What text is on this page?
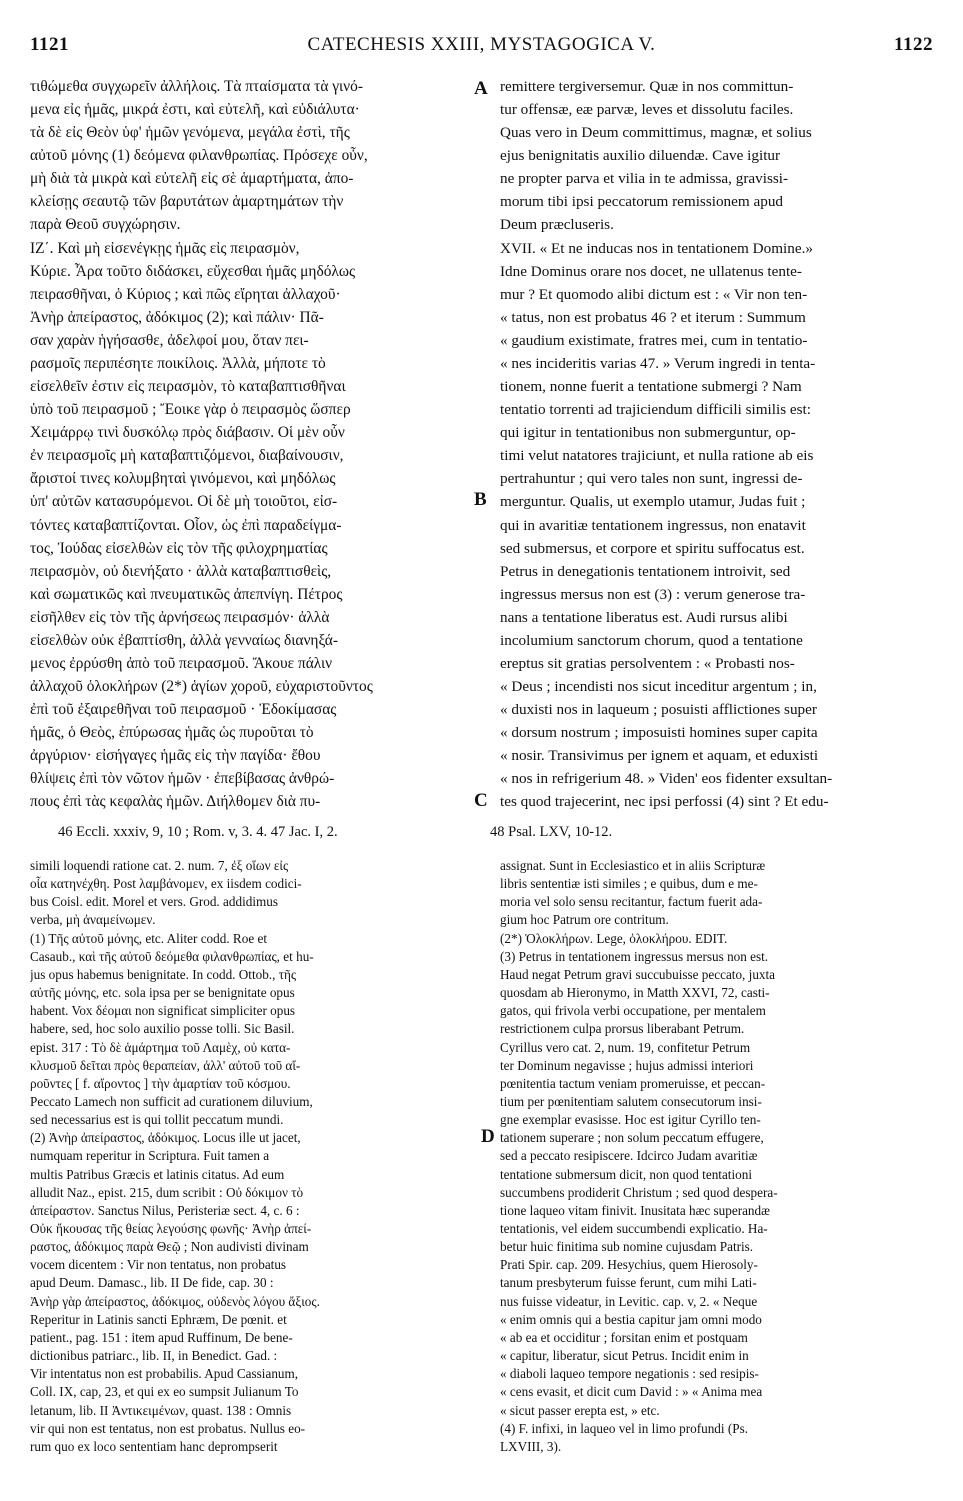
1121	CATECHESIS XXIII, MYSTAGOGICA V.	1122
τιθώμεθα συγχωρεῖν ἀλλήλοις. Τὰ πταίσματα τὰ γινό-
μενα εἰς ἡμᾶς, μικρά ἐστι, καὶ εὐτελῆ, καὶ εὐδιάλυτα·
τὰ δὲ εἰς Θεὸν ὑφ' ἡμῶν γενόμενα, μεγάλα ἐστὶ, τῆς
αὐτοῦ μόνης (1) δεόμενα φιλανθρωπίας. Πρόσεχε οὖν,
μὴ διὰ τὰ μικρὰ καὶ εὐτελῆ εἰς σὲ ἁμαρτήματα, ἀπο-
κλείσῃς σεαυτῷ τῶν βαρυτάτων ἁμαρτημάτων τὴν
παρὰ Θεοῦ συγχώρησιν.
ΙΖ΄. Καὶ μὴ εἰσενέγκῃς ἡμᾶς εἰς πειρασμὸν,
Κύριε. Ἆρα τοῦτο διδάσκει, εὔχεσθαι ἡμᾶς μηδόλως
πειρασθῆναι, ὁ Κύριος ; καὶ πῶς εἴρηται ἀλλαχοῦ·
Ἀνὴρ ἀπείραστος, ἀδόκιμος (2); καὶ πάλιν· Πᾶ-
σαν χαρὰν ἡγήσασθε, ἀδελφοί μου, ὅταν πει-
ρασμοῖς περιπέσητε ποικίλοις. Ἀλλὰ, μήποτε τὸ
εἰσελθεῖν ἐστιν εἰς πειρασμὸν, τὸ καταβαπτισθῆναι
ὑπὸ τοῦ πειρασμοῦ ; Ἔοικε γὰρ ὁ πειρασμὸς ὥσπερ
Χειμάρρῳ τινὶ δυσκόλῳ πρὸς διάβασιν. Οἱ μὲν οὖν
ἐν πειρασμοῖς μὴ καταβαπτιζόμενοι, διαβαίνουσιν,
ἄριστοί τινες κολυμβηταὶ γινόμενοι, καὶ μηδόλως
ὑπ' αὐτῶν κατασυρόμενοι. Οἱ δὲ μὴ τοιοῦτοι, εἰσ-
τόντες καταβαπτίζονται. Οἷον, ὡς ἐπὶ παραδείγμα-
τος, Ἰούδας εἰσελθὼν εἰς τὸν τῆς φιλοχρηματίας
πειρασμὸν, οὐ διενήξατο · ἀλλὰ καταβαπτισθεὶς,
καὶ σωματικῶς καὶ πνευματικῶς ἀπεπνίγη. Πέτρος
εἰσῆλθεν εἰς τὸν τῆς ἀρνήσεως πειρασμόν· ἀλλὰ
εἰσελθὼν οὐκ ἐβαπτίσθη, ἀλλὰ γενναίως διανηξά-
μενος ἐρρύσθη ἀπὸ τοῦ πειρασμοῦ. Ἄκουε πάλιν
ἀλλαχοῦ ὁλοκλήρων (2*) ἁγίων χοροῦ, εὐχαριστοῦντος
ἐπὶ τοῦ ἐξαιρεθῆναι τοῦ πειρασμοῦ · Ἐδοκίμασας
ἡμᾶς, ὁ Θεὸς, ἐπύρωσας ἡμᾶς ὡς πυροῦται τὸ
ἀργύριον· εἰσήγαγες ἡμᾶς εἰς τὴν παγίδα· ἔθου
θλίψεις ἐπὶ τὸν νῶτον ἡμῶν · ἐπεβίβασας ἀνθρώ-
πους ἐπὶ τὰς κεφαλὰς ἡμῶν. Διήλθομεν διὰ πυ-
remittere tergiversemur. Quæ in nos committun-
tur offensæ, eæ parvæ, leves et dissolutu faciles.
Quas vero in Deum committimus, magnæ, et solius
ejus benignitatis auxilio diluendæ. Cave igitur
ne propter parva et vilia in te admissa, gravissi-
morum tibi ipsi peccatorum remissionem apud
Deum præcluseris.
XVII. « Et ne inducas nos in tentationem Domine.»
Idne Dominus orare nos docet, ne ullatenus tente-
mur ? Et quomodo alibi dictum est : « Vir non ten-
« tatus, non est probatus 46 ? et iterum : Summum
« gaudium existimate, fratres mei, cum in tentatio-
« nes incideritis varias 47. » Verum ingredi in tenta-
tionem, nonne fuerit a tentatione submergi ? Nam
tentatio torrenti ad trajiciendum difficili similis est:
qui igitur in tentationibus non submerguntur, op-
timi velut natatores trajiciunt, et nulla ratione ab eis
pertrahuntur ; qui vero tales non sunt, ingressi de-
merguntur. Qualis, ut exemplo utamur, Judas fuit ;
qui in avaritiæ tentationem ingressus, non enatavit
sed submersus, et corpore et spiritu suffocatus est.
Petrus in denegationis tentationem introivit, sed
ingressus mersus non est (3) : verum generose tra-
nans a tentatione liberatus est. Audi rursus alibi
incolumium sanctorum chorum, quod a tentatione
ereptus sit gratias persolventem : « Probasti nos-
« Deus ; incendisti nos sicut inceditur argentum ; in,
« duxisti nos in laqueum ; posuisti afflictiones super
« dorsum nostrum ; imposuisti homines super capita
« nosir. Transivimus per ignem et aquam, et eduxisti
« nos in refrigerium 48. » Viden' eos fidenter exsultan-
tes quod trajecerint, nec ipsi perfossi (4) sint ? Et edu-
A
B
C
D
46 Eccli. xxxiv, 9, 10 ; Rom. v, 3. 4. 47 Jac. I, 2.	48 Psal. LXV, 10-12.
simili loquendi ratione cat. 2. num. 7, ἐξ οἵων εἰς
οἷα κατηνέχθη. Post λαμβάνομεν, ex iisdem codici-
bus Coisl. edit. Morel et vers. Grod. addidimus
verba, μὴ ἀναμείνωμεν.
(1) Τῆς αὐτοῦ μόνης, etc. Aliter codd. Roe et
Casaub., καὶ τῆς αὐτοῦ δεόμεθα φιλανθρωπίας, et hu-
jus opus habemus benignitate. In codd. Ottob., τῆς
αὐτῆς μόνης, etc. sola ipsa per se benignitate opus
habent. Vox δέομαι non significat simpliciter opus
habere, sed, hoc solo auxilio posse tolli. Sic Basil.
epist. 317 : Τὸ δὲ ἁμάρτημα τοῦ Λαμὲχ, οὐ κατα-
κλυσμοῦ δεῖται πρὸς θεραπείαν, ἀλλ' αὐτοῦ τοῦ αἴ-
ροῦντες [ f. αἴροντος ] τὴν ἁμαρτίαν τοῦ κόσμου.
Peccato Lamech non sufficit ad curationem diluvium,
sed necessarius est is qui tollit peccatum mundi.
(2) Ἀνὴρ ἀπείραστος, ἀδόκιμος. Locus ille ut jacet,
numquam reperitur in Scriptura. Fuit tamen a
multis Patribus Græcis et latinis citatus. Ad eum
alludit Naz., epist. 215, dum scribit : Οὐ δόκιμον τὸ
ἀπείραστον. Sanctus Nilus, Peristeriæ sect. 4, c. 6 :
Οὐκ ἤκουσας τῆς θείας λεγούσης φωνῆς· Ἀνὴρ ἀπεί-
ραστος, ἀδόκιμος παρὰ Θεῷ ; Non audivisti divinam
vocem dicentem : Vir non tentatus, non probatus
apud Deum. Damasc., lib. II De fide, cap. 30 :
Ἀνὴρ γὰρ ἀπείραστος, ἀδόκιμος, οὐδενὸς λόγου ἄξιος.
Reperitur in Latinis sancti Ephræm, De pœnit. et
patient., pag. 151 : item apud Ruffinum, De bene-
dictionibus patriarc., lib. II, in Benedict. Gad. :
Vir intentatus non est probabilis. Apud Cassianum,
Coll. IX, cap, 23, et qui ex eo sumpsit Julianum To
letanum, lib. II Ἀντικειμένων, quast. 138 : Omnis
vir qui non est tentatus, non est probatus. Nullus eo-
rum quo ex loco sententiam hanc deprompserit
assignat. Sunt in Ecclesiastico et in aliis Scripturæ
libris sententiæ isti similes ; e quibus, dum e me-
moria vel solo sensu recitantur, factum fuerit ada-
gium hoc Patrum ore contritum.
(2*) Ὁλοκλήρων. Lege, ὁλοκλήρου. EDIT.
(3) Petrus in tentationem ingressus mersus non est.
Haud negat Petrum gravi succubuisse peccato, juxta
quosdam ab Hieronymo, in Matth XXVI, 72, casti-
gatos, qui frivola verbi occupatione, per mentalem
restrictionem culpa prorsus liberabant Petrum.
Cyrillus vero cat. 2, num. 19, confitetur Petrum
ter Dominum negavisse ; hujus admissi interiori
pœnitentia tactum veniam promeruisse, et peccan-
tium per pœnitentiam salutem consecutorum insi-
gne exemplar evasisse. Hoc est igitur Cyrillo ten-
tationem superare ; non solum peccatum effugere,
sed a peccato resipiscere. Idcirco Judam avaritiæ
tentatione submersum dicit, non quod tentationi
succumbens prodiderit Christum ; sed quod despera-
tione laqueo vitam finivit. Inusitata hæc superandæ
tentationis, vel eidem succumbendi explicatio. Ha-
betur huic finitima sub nomine cujusdam Patris.
Prati Spir. cap. 209. Hesychius, quem Hierosoly-
tanum presbyterum fuisse ferunt, cum mihi Lati-
nus fuisse videatur, in Levitic. cap. v, 2. « Neque
« enim omnis qui a bestia capitur jam omni modo
« ab ea et occiditur ; forsitan enim et postquam
« capitur, liberatur, sicut Petrus. Incidit enim in
« diaboli laqueo tempore negationis : sed resipis-
« cens evasit, et dicit cum David : » « Anima mea
« sicut passer erepta est, » etc.
(4) F. infixi, in laqueo vel in limo profundi (Ps.
LXVIII, 3).
